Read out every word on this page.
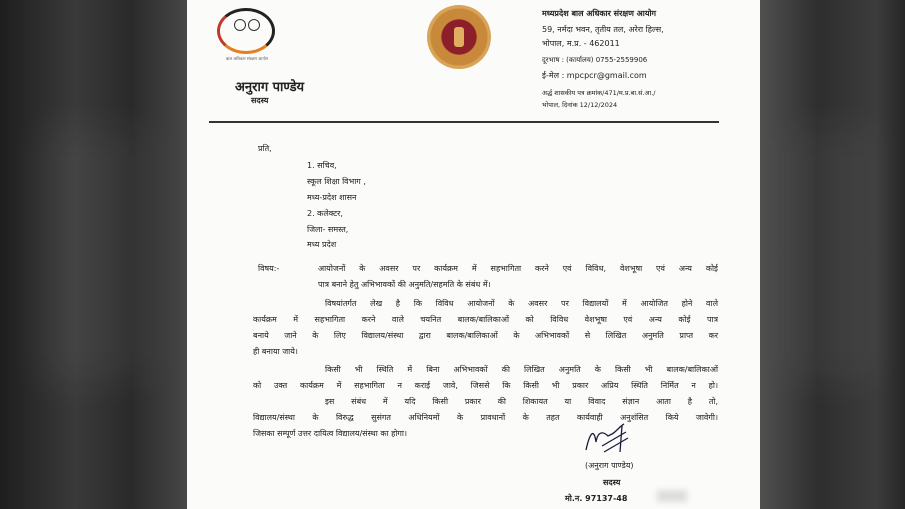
बाल अधिकार संरक्षण आयोग
अनुराग पाण्डेय
सदस्य
मध्यप्रदेश बाल अधिकार संरक्षण आयोग
59, नर्मदा भवन, तृतीय तल, अरेरा हिल्स,
भोपाल, म.प्र. - 462011
दूरभाष : (कार्यालय) 0755-2559906
ई-मेल : mpcpcr@gmail.com
अर्द्ध शासकीय पत्र क्रमांक/471/म.प्र.बा.सं.आ./
भोपाल, दिनांक 12/12/2024
प्रति,
1. सचिव,
स्कूल शिक्षा विभाग ,
मध्य-प्रदेश शासन
2. कलेक्टर,
जिला- समस्त,
मध्य प्रदेश
विषय:-	आयोजनों के अवसर पर कार्यक्रम में सहभागिता करने एवं विविध, वेशभूषा एवं अन्य कोई
पात्र बनाने हेतु अभिभावकों की अनुमति/सहमति के संबंध में।
विषयांतर्गत लेख है कि विविध आयोजनों के अवसर पर विद्यालयों में आयोजित होने वाले
कार्यक्रम में सहभागिता करने वाले चयनित बालक/बालिकाओं को विविध वेशभूषा एवं अन्य कोई पात्र
बनाये जाने के लिए विद्यालय/संस्था द्वारा बालक/बालिकाओं के अभिभावकों से लिखित अनुमति प्राप्त कर
ही बनाया जाये।
किसी भी स्थिति में बिना अभिभावकों की लिखित अनुमति के किसी भी बालक/बालिकाओं
को उक्त कार्यक्रम में सहभागिता न कराई जावे, जिससे कि किसी भी प्रकार अप्रिय स्थिति निर्मित न हो।
इस संबंध में यदि किसी प्रकार की शिकायत या विवाद संज्ञान आता है तो,
विद्यालय/संस्था के विरुद्ध सुसंगत अधिनियमों के प्रावधानों के तहत कार्यवाही अनुशंसित किये जावेगी।
जिसका सम्पूर्ण उत्तर दायित्व विद्यालय/संस्था का होगा।
(अनुराग पाण्डेय)
सदस्य
मो.न. 97137-48
